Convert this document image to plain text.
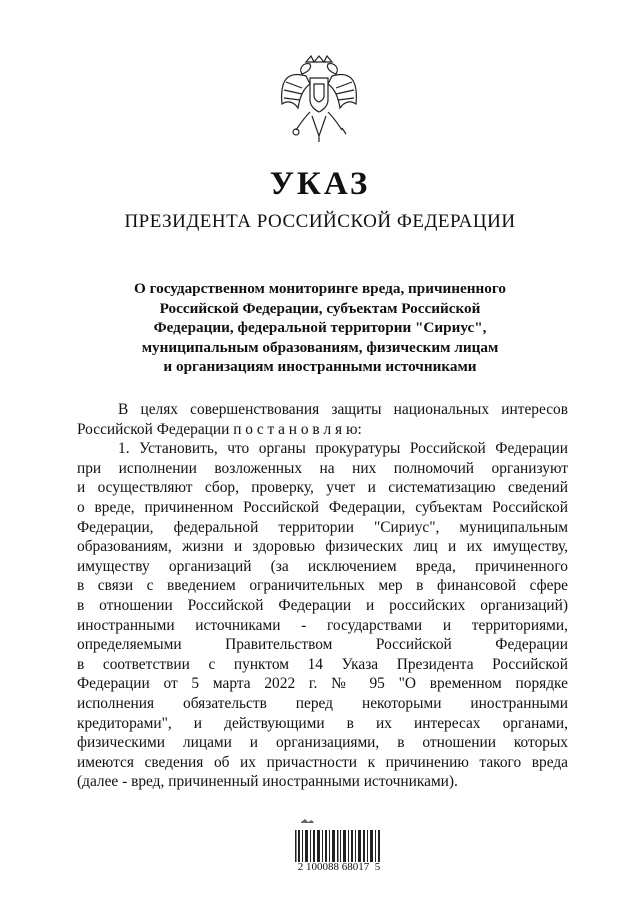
УКАЗ
ПРЕЗИДЕНТА РОССИЙСКОЙ ФЕДЕРАЦИИ
О государственном мониторинге вреда, причиненного
Российской Федерации, субъектам Российской
Федерации, федеральной территории "Сириус",
муниципальным образованиям, физическим лицам
и организациям иностранными источниками
В целях совершенствования защиты национальных интересов
Российской Федерации п о с т а н о в л я ю:
1. Установить, что органы прокуратуры Российской Федерации
при исполнении возложенных на них полномочий организуют
и осуществляют сбор, проверку, учет и систематизацию сведений
о вреде, причиненном Российской Федерации, субъектам Российской
Федерации, федеральной территории "Сириус", муниципальным
образованиям, жизни и здоровью физических лиц и их имуществу,
имуществу организаций (за исключением вреда, причиненного
в связи с введением ограничительных мер в финансовой сфере
в отношении Российской Федерации и российских организаций)
иностранными источниками - государствами и территориями,
определяемыми Правительством Российской Федерации
в соответствии с пунктом 14 Указа Президента Российской
Федерации от 5 марта 2022 г. № 95 "О временном порядке
исполнения обязательств перед некоторыми иностранными
кредиторами", и действующими в их интересах органами,
физическими лицами и организациями, в отношении которых
имеются сведения об их причастности к причинению такого вреда
(далее - вред, причиненный иностранными источниками).
2 100088 68017  5
